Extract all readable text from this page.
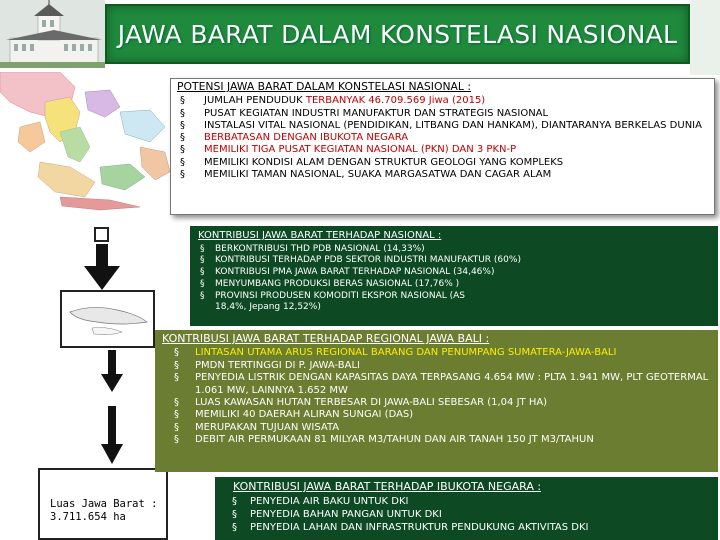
JAWA BARAT DALAM KONSTELASI NASIONAL
POTENSI JAWA BARAT DALAM KONSTELASI NASIONAL :
§ JUMLAH PENDUDUK TERBANYAK 46.709.569 Jiwa (2015)
§ PUSAT KEGIATAN INDUSTRI MANUFAKTUR DAN STRATEGIS NASIONAL
§ INSTALASI VITAL NASIONAL (PENDIDIKAN, LITBANG DAN HANKAM), DIANTARANYA BERKELAS DUNIA
§ BERBATASAN DENGAN IBUKOTA NEGARA
§ MEMILIKI TIGA PUSAT KEGIATAN NASIONAL (PKN) DAN 3 PKN-P
§ MEMILIKI KONDISI ALAM DENGAN STRUKTUR GEOLOGI YANG KOMPLEKS
§ MEMILIKI TAMAN NASIONAL, SUAKA MARGASATWA DAN CAGAR ALAM
Luas Jawa Barat :
3.711.654 ha
KONTRIBUSI JAWA BARAT TERHADAP NASIONAL :
§ BERKONTRIBUSI THD PDB NASIONAL (14,33%)
§ KONTRIBUSI TERHADAP PDB SEKTOR INDUSTRI MANUFAKTUR (60%)
§ KONTRIBUSI PMA JAWA BARAT TERHADAP NASIONAL (34,46%)
§ MENYUMBANG PRODUKSI BERAS NASIONAL (17,76% )
§ PROVINSI PRODUSEN KOMODITI EKSPOR NASIONAL (AS 18,4%, Jepang 12,52%)
KONTRIBUSI JAWA BARAT TERHADAP REGIONAL JAWA BALI :
§ LINTASAN UTAMA ARUS REGIONAL BARANG DAN PENUMPANG SUMATERA-JAWA-BALI
§ PMDN TERTINGGI DI P. JAWA-BALI
§ PENYEDIA LISTRIK DENGAN KAPASITAS DAYA TERPASANG 4.654 MW : PLTA 1.941 MW, PLT GEOTERMAL 1.061 MW, LAINNYA 1.652 MW
§ LUAS KAWASAN HUTAN TERBESAR DI JAWA-BALI SEBESAR (1,04 JT HA)
§ MEMILIKI 40 DAERAH ALIRAN SUNGAI (DAS)
§ MERUPAKAN TUJUAN WISATA
§ DEBIT AIR PERMUKAAN 81 MILYAR M3/TAHUN DAN AIR TANAH 150 JT M3/TAHUN
KONTRIBUSI JAWA BARAT TERHADAP IBUKOTA NEGARA :
§ PENYEDIA AIR BAKU UNTUK DKI
§ PENYEDIA BAHAN PANGAN UNTUK DKI
§ PENYEDIA LAHAN DAN INFRASTRUKTUR PENDUKUNG AKTIVITAS DKI
